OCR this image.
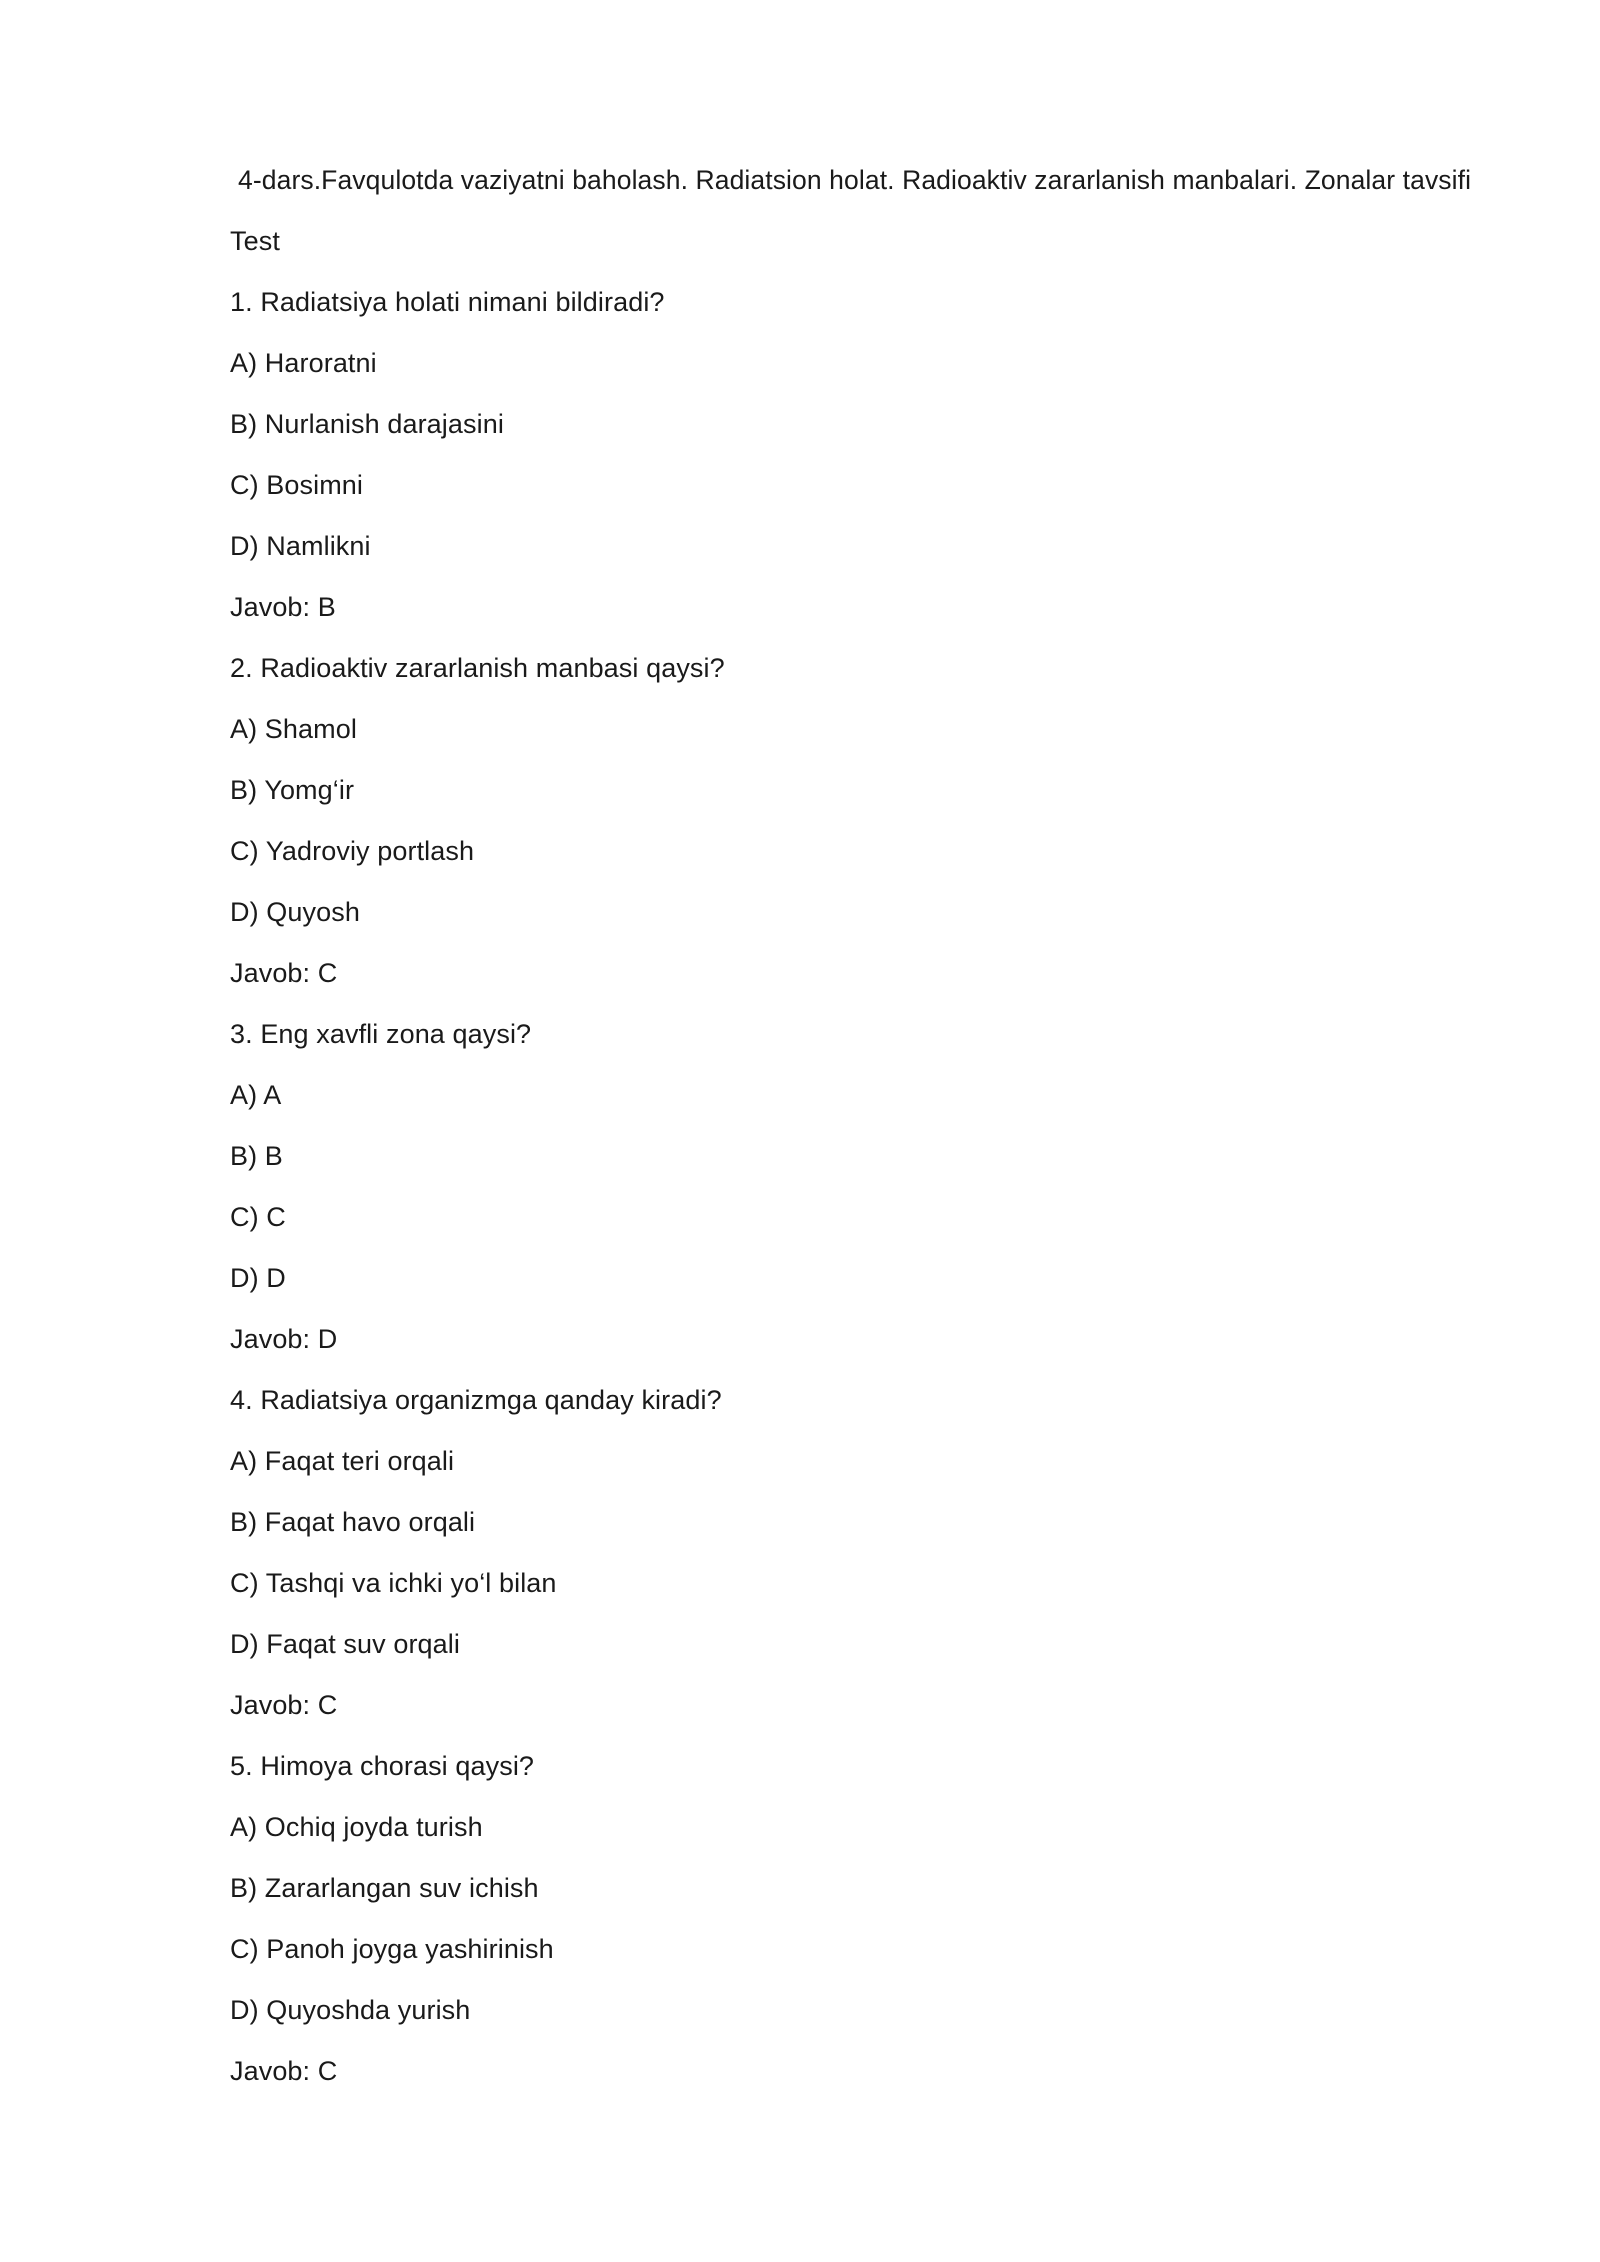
4-dars.Favqulotda vaziyatni baholash. Radiatsion holat. Radioaktiv zararlanish manbalari. Zonalar tavsifi
Test
1. Radiatsiya holati nimani bildiradi?
A) Haroratni
B) Nurlanish darajasini
C) Bosimni
D) Namlikni
Javob: B
2. Radioaktiv zararlanish manbasi qaysi?
A) Shamol
B) Yomg‘ir
C) Yadroviy portlash
D) Quyosh
Javob: C
3. Eng xavfli zona qaysi?
A) A
B) B
C) C
D) D
Javob: D
4. Radiatsiya organizmga qanday kiradi?
A) Faqat teri orqali
B) Faqat havo orqali
C) Tashqi va ichki yo‘l bilan
D) Faqat suv orqali
Javob: C
5. Himoya chorasi qaysi?
A) Ochiq joyda turish
B) Zararlangan suv ichish
C) Panoh joyga yashirinish
D) Quyoshda yurish
Javob: C
